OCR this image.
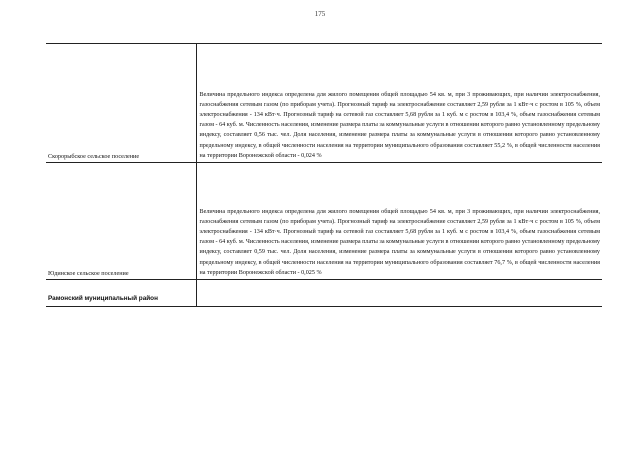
175
Скорорыбское сельское поселение	Величина предельного индекса определена для жилого помещения общей площадью 54 кв. м, при 3 проживающих, при наличии электроснабжения, газоснабжения сетевым газом (по приборам учета). Прогнозный тариф на электроснабжение составляет 2,59 рубля за 1 кВт·ч с ростом в 105 %, объем электроснабжения - 134 кВт·ч. Прогнозный тариф на сетевой газ составляет 5,68 рубля за 1 куб. м с ростом в 103,4 %, объем газоснабжения сетевым газом - 64 куб. м. Численность населения, изменение размера платы за коммунальные услуги в отношении которого равно установленному предельному индексу, составляет 0,56 тыс. чел. Доля населения, изменение размера платы за коммунальные услуги в отношении которого равно установленному предельному индексу, в общей численности населения на территории муниципального образования составляет 55,2 %, в общей численности населения на территории Воронежской области - 0,024 %
Юдинское сельское поселение	Величина предельного индекса определена для жилого помещения общей площадью 54 кв. м, при 3 проживающих, при наличии электроснабжения, газоснабжения сетевым газом (по приборам учета). Прогнозный тариф на электроснабжение составляет 2,59 рубля за 1 кВт·ч с ростом в 105 %, объем электроснабжения - 134 кВт·ч. Прогнозный тариф на сетевой газ составляет 5,68 рубля за 1 куб. м с ростом в 103,4 %, объем газоснабжения сетевым газом - 64 куб. м. Численность населения, изменение размера платы за коммунальные услуги в отношении которого равно установленному предельному индексу, составляет 0,59 тыс. чел. Доля населения, изменение размера платы за коммунальные услуги в отношении которого равно установленному предельному индексу, в общей численности населения на территории муниципального образования составляет 76,7 %, в общей численности населения на территории Воронежской области - 0,025 %
Рамонский муниципальный район	
